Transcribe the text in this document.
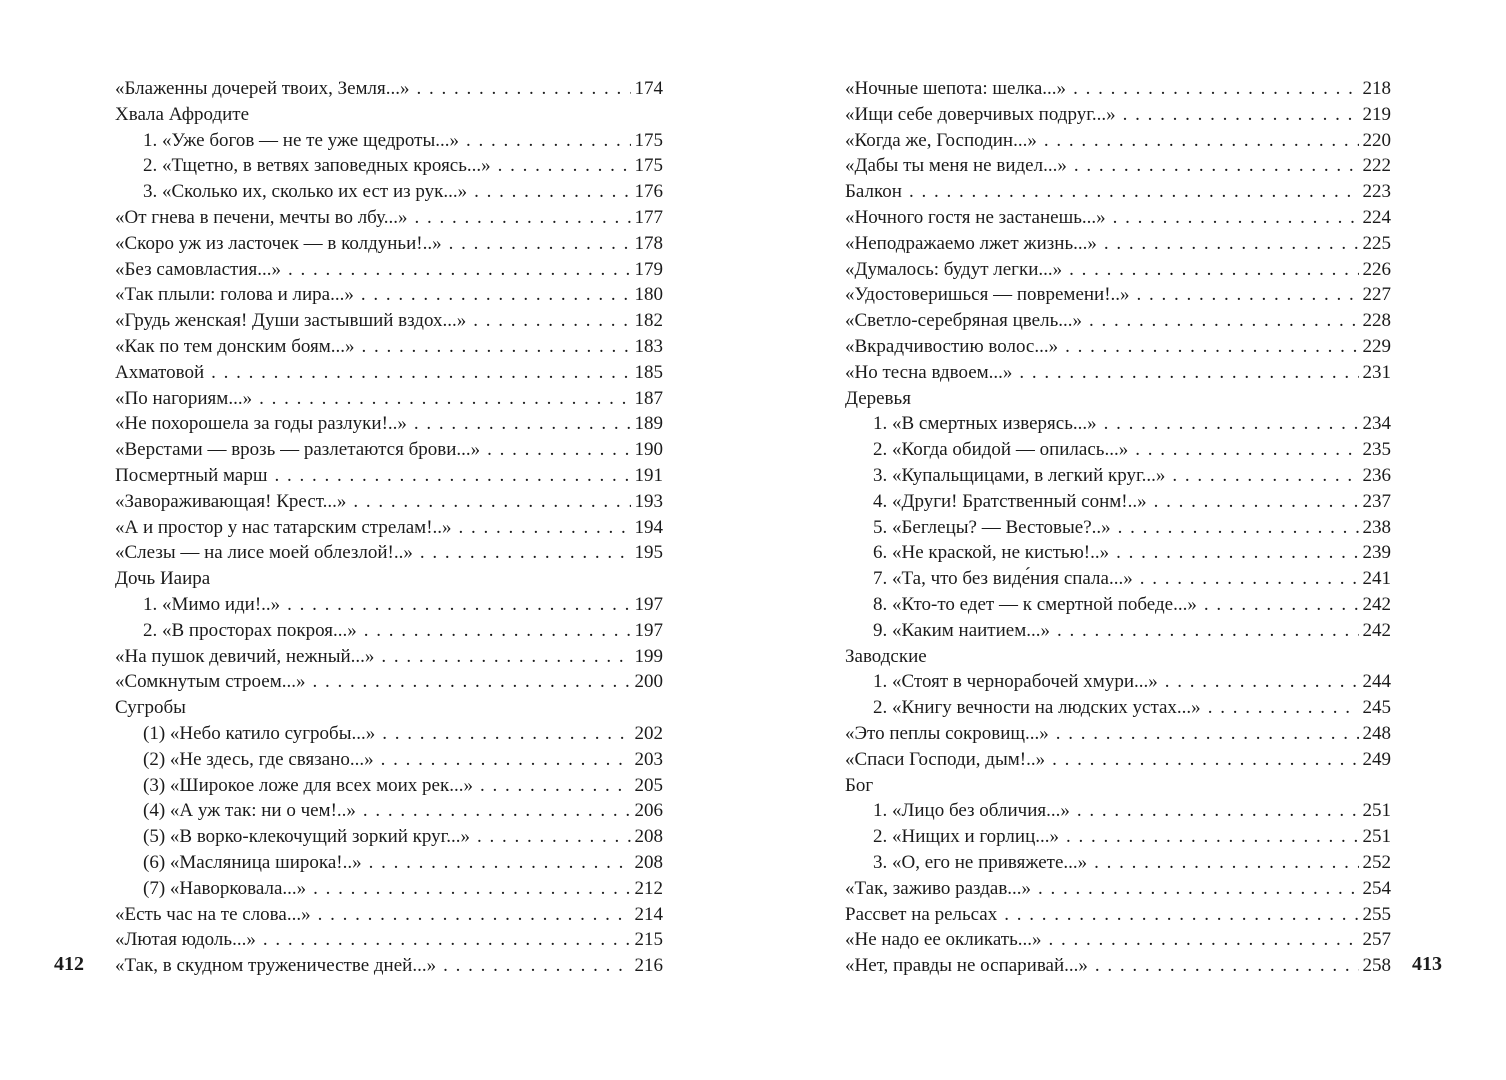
412
«Блаженны дочерей твоих, Земля...» . . .	174
Хвала Афродите
1. «Уже богов — не те уже щедроты...» . . .	175
2. «Тщетно, в ветвях заповедных кроясь...» . . .	175
3. «Сколько их, сколько их ест из рук...» . . .	176
«От гнева в печени, мечты во лбу...» . . .	177
«Скоро уж из ласточек — в колдуньи!..» . . .	178
«Без самовластия...» . . .	179
«Так плыли: голова и лира...» . . .	180
«Грудь женская! Души застывший вздох...» . . .	182
«Как по тем донским боям...» . . .	183
Ахматовой . . .	185
«По нагориям...» . . .	187
«Не похорошела за годы разлуки!..» . . .	189
«Верстами — врозь — разлетаются брови...» . . .	190
Посмертный марш . . .	191
«Завораживающая! Крест...» . . .	193
«А и простор у нас татарским стрелам!..» . . .	194
«Слезы — на лисе моей облезлой!..» . . .	195
Дочь Иаира
1. «Мимо иди!..» . . .	197
2. «В просторах покроя...» . . .	197
«На пушок девичий, нежный...» . . .	199
«Сомкнутым строем...» . . .	200
Сугробы
(1) «Небо катило сугробы...» . . .	202
(2) «Не здесь, где связано...» . . .	203
(3) «Широкое ложе для всех моих рек...» . . .	205
(4) «А уж так: ни о чем!..» . . .	206
(5) «В ворко-клекочущий зоркий круг...» . . .	208
(6) «Масляница широка!..» . . .	208
(7) «Наворковала...» . . .	212
«Есть час на те слова...» . . .	214
«Лютая юдоль...» . . .	215
«Так, в скудном труженичестве дней...» . . .	216
«Ночные шепота: шелка...» . . .	218
«Ищи себе доверчивых подруг...» . . .	219
«Когда же, Господин...» . . .	220
«Дабы ты меня не видел...» . . .	222
Балкон . . .	223
«Ночного гостя не застанешь...» . . .	224
«Неподражаемо лжет жизнь...» . . .	225
«Думалось: будут легки...» . . .	226
«Удостоверишься — повремени!..» . . .	227
«Светло-серебряная цвель...» . . .	228
«Вкрадчивостию волос...» . . .	229
«Но тесна вдвоем...» . . .	231
Деревья
1. «В смертных изверясь...» . . .	234
2. «Когда обидой — опилась...» . . .	235
3. «Купальщицами, в легкий круг...» . . .	236
4. «Други! Братственный сонм!..» . . .	237
5. «Беглецы? — Вестовые?..» . . .	238
6. «Не краской, не кистью!..» . . .	239
7. «Та, что без виде́ния спала...» . . .	241
8. «Кто-то едет — к смертной победе...» . . .	242
9. «Каким наитием...» . . .	242
Заводские
1. «Стоят в чернорабочей хмури...» . . .	244
2. «Книгу вечности на людских устах...» . . .	245
«Это пеплы сокровищ...» . . .	248
«Спаси Господи, дым!..» . . .	249
Бог
1. «Лицо без обличия...» . . .	251
2. «Нищих и горлиц...» . . .	251
3. «О, его не привяжете...» . . .	252
«Так, заживо раздав...» . . .	254
Рассвет на рельсах . . .	255
«Не надо ее окликать...» . . .	257
«Нет, правды не оспаривай...» . . .	258 413
